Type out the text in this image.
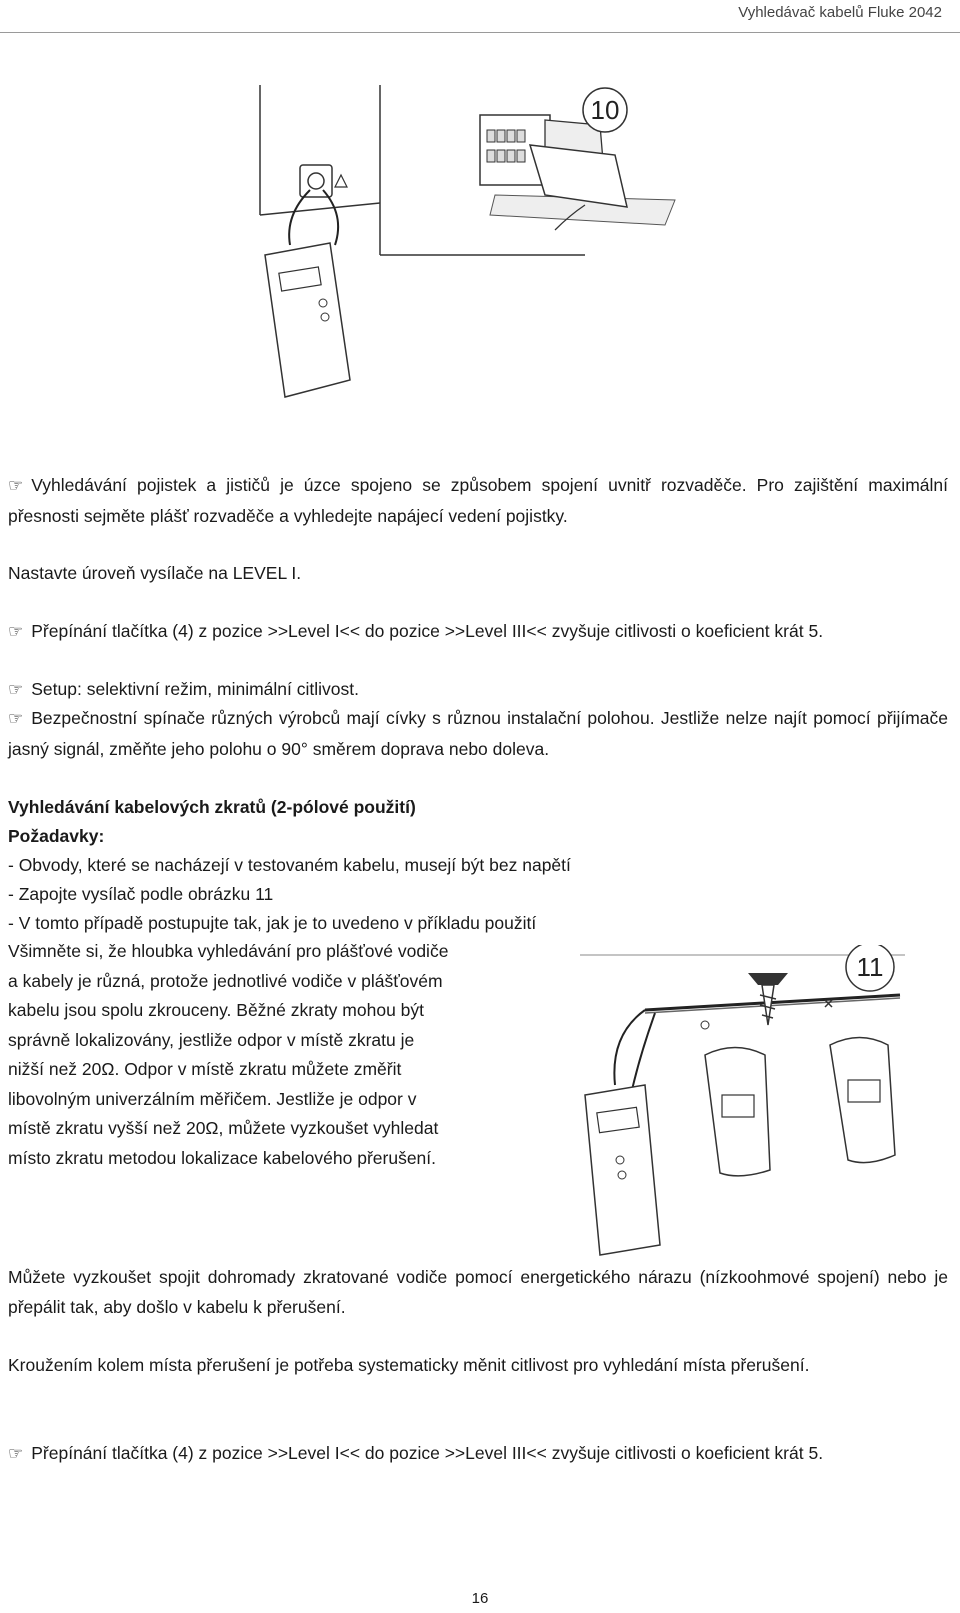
Vyhledávač kabelů Fluke 2042
10

☞ Vyhledávání pojistek a jističů je úzce spojeno se způsobem spojení uvnitř rozvaděče. Pro zajištění maximální přesnosti sejměte plášť rozvaděče a vyhledejte napájecí vedení pojistky.

Nastavte úroveň vysílače na LEVEL I.

☞ Přepínání tlačítka (4) z pozice >>Level I<< do pozice >>Level III<< zvyšuje citlivosti o koeficient krát 5.

☞ Setup: selektivní režim, minimální citlivost.

☞ Bezpečnostní spínače různých výrobců mají cívky s různou instalační polohou. Jestliže nelze najít pomocí přijímače jasný signál, změňte jeho polohu o 90° směrem doprava nebo doleva.

Vyhledávání kabelových zkratů (2-pólové použití)

Požadavky:

- Obvody, které se nacházejí v testovaném kabelu, musejí být bez napětí

- Zapojte vysílač podle obrázku 11

- V tomto případě postupujte tak, jak je to uvedeno v příkladu použití

Všimněte si, že hloubka vyhledávání pro plášťové vodiče
a kabely je různá, protože jednotlivé vodiče v plášťovém
kabelu jsou spolu zkrouceny. Běžné zkraty mohou být
správně lokalizovány, jestliže odpor v místě zkratu je
nižší než 20Ω. Odpor v místě zkratu můžete změřit
libovolným univerzálním měřičem. Jestliže je odpor v
místě zkratu vyšší než 20Ω, můžete vyzkoušet vyhledat
místo zkratu metodou lokalizace kabelového přerušení.
11

Můžete vyzkoušet spojit dohromady zkratované vodiče pomocí energetického nárazu (nízkoohmové spojení) nebo je přepálit tak, aby došlo v kabelu k přerušení.

Kroužením kolem místa přerušení je potřeba systematicky měnit citlivost pro vyhledání místa přerušení.

☞ Přepínání tlačítka (4) z pozice >>Level I<< do pozice >>Level III<< zvyšuje citlivosti o koeficient krát 5.

16
